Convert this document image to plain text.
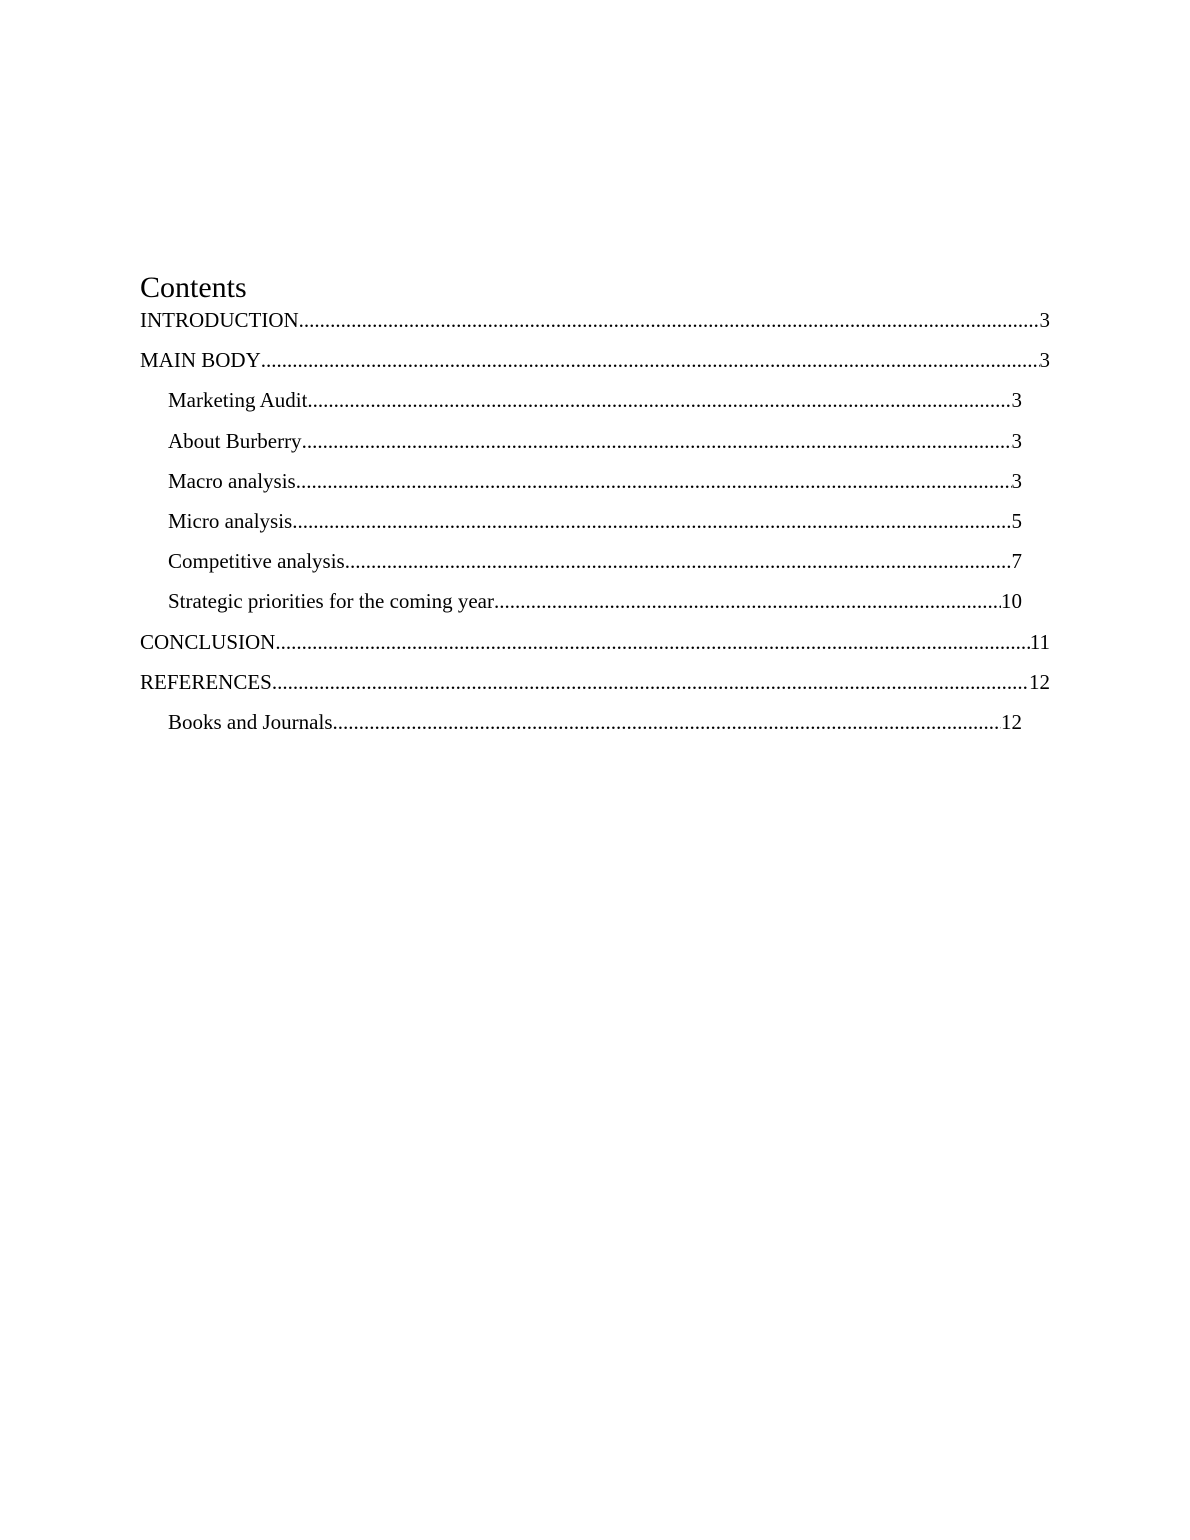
Contents
INTRODUCTION .....	3
MAIN BODY .....	3
Marketing Audit .....	3
About Burberry .....	3
Macro analysis .....	3
Micro analysis .....	5
Competitive analysis .....	7
Strategic priorities for the coming year .....	10
CONCLUSION .....	11
REFERENCES .....	12
Books and Journals .....	12
